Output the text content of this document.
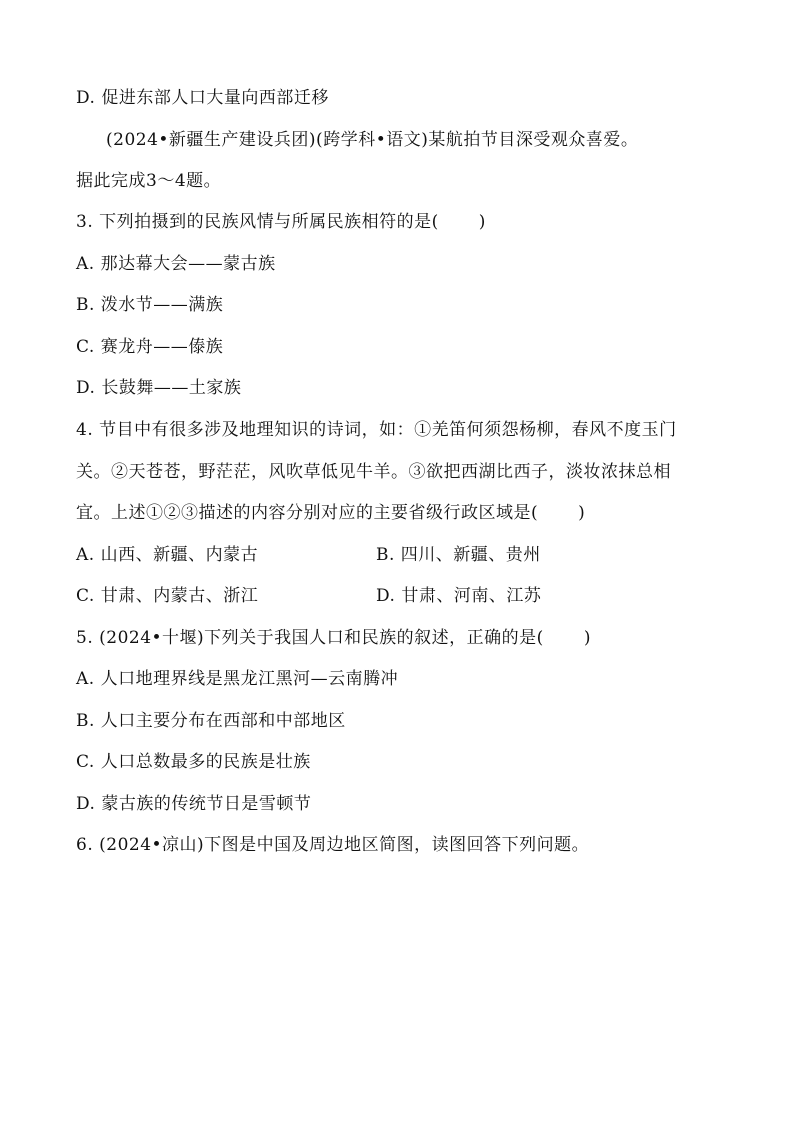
D. 促进东部人口大量向西部迁移
(2024•新疆生产建设兵团)(跨学科•语文)某航拍节目深受观众喜爱。
据此完成3～4题。
3. 下列拍摄到的民族风情与所属民族相符的是( )
A. 那达幕大会——蒙古族
B. 泼水节——满族
C. 赛龙舟——傣族
D. 长鼓舞——土家族
4. 节目中有很多涉及地理知识的诗词，如：①羌笛何须怨杨柳，春风不度玉门
关。②天苍苍，野茫茫，风吹草低见牛羊。③欲把西湖比西子，淡妆浓抹总相
宜。上述①②③描述的内容分别对应的主要省级行政区域是( )
A. 山西、新疆、内蒙古	B. 四川、新疆、贵州
C. 甘肃、内蒙古、浙江	D. 甘肃、河南、江苏
5. (2024•十堰)下列关于我国人口和民族的叙述，正确的是( )
A. 人口地理界线是黑龙江黑河—云南腾冲
B. 人口主要分布在西部和中部地区
C. 人口总数最多的民族是壮族
D. 蒙古族的传统节日是雪顿节
6. (2024•凉山)下图是中国及周边地区简图，读图回答下列问题。
